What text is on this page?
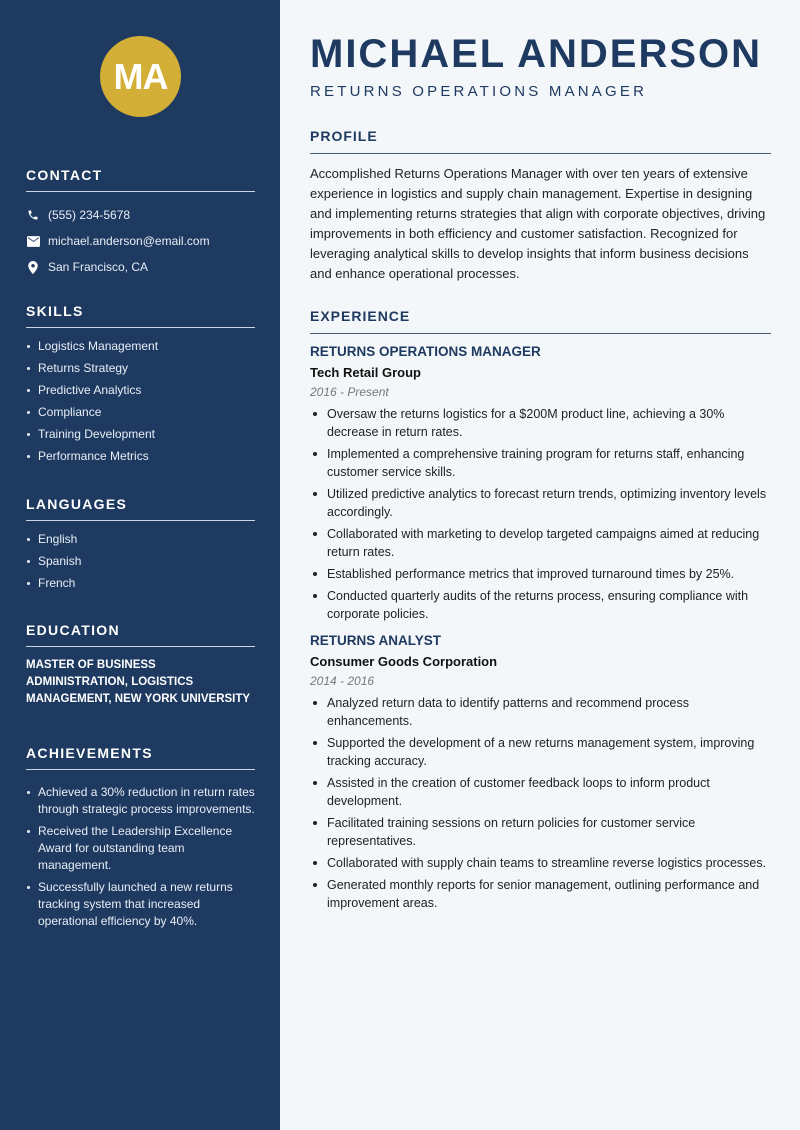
MA
CONTACT
(555) 234-5678
michael.anderson@email.com
San Francisco, CA
SKILLS
Logistics Management
Returns Strategy
Predictive Analytics
Compliance
Training Development
Performance Metrics
LANGUAGES
English
Spanish
French
EDUCATION
MASTER OF BUSINESS ADMINISTRATION, LOGISTICS MANAGEMENT, NEW YORK UNIVERSITY
ACHIEVEMENTS
Achieved a 30% reduction in return rates through strategic process improvements.
Received the Leadership Excellence Award for outstanding team management.
Successfully launched a new returns tracking system that increased operational efficiency by 40%.
MICHAEL ANDERSON
RETURNS OPERATIONS MANAGER
PROFILE

Accomplished Returns Operations Manager with over ten years of extensive experience in logistics and supply chain management. Expertise in designing and implementing returns strategies that align with corporate objectives, driving improvements in both efficiency and customer satisfaction. Recognized for leveraging analytical skills to develop insights that inform business decisions and enhance operational processes.

EXPERIENCE
RETURNS OPERATIONS MANAGER
Tech Retail Group
2016 - Present
Oversaw the returns logistics for a $200M product line, achieving a 30% decrease in return rates.
Implemented a comprehensive training program for returns staff, enhancing customer service skills.
Utilized predictive analytics to forecast return trends, optimizing inventory levels accordingly.
Collaborated with marketing to develop targeted campaigns aimed at reducing return rates.
Established performance metrics that improved turnaround times by 25%.
Conducted quarterly audits of the returns process, ensuring compliance with corporate policies.
RETURNS ANALYST
Consumer Goods Corporation
2014 - 2016
Analyzed return data to identify patterns and recommend process enhancements.
Supported the development of a new returns management system, improving tracking accuracy.
Assisted in the creation of customer feedback loops to inform product development.
Facilitated training sessions on return policies for customer service representatives.
Collaborated with supply chain teams to streamline reverse logistics processes.
Generated monthly reports for senior management, outlining performance and improvement areas.
